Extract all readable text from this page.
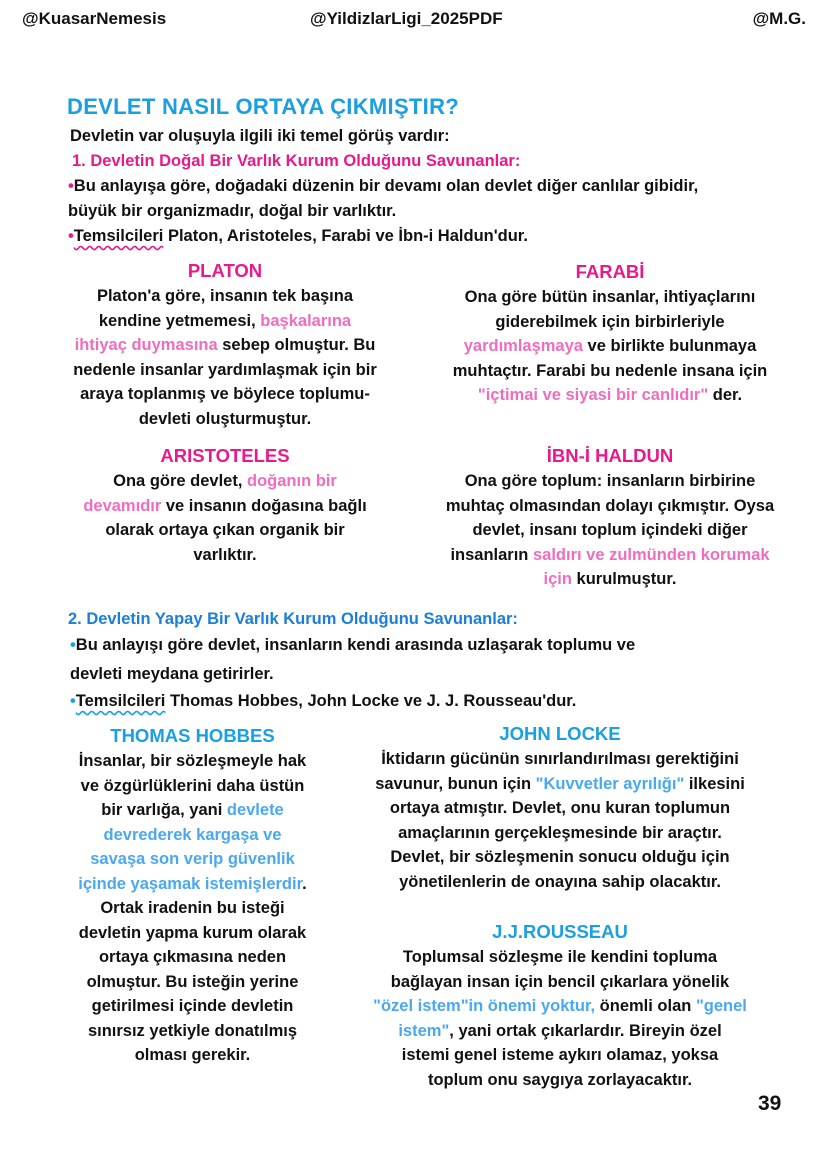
@KuasarNemesis	@YildizlarLigi_2025PDF	@M.G.
DEVLET NASIL ORTAYA ÇIKMIŞTIR?
Devletin var oluşuyla ilgili iki temel görüş vardır:
1. Devletin Doğal Bir Varlık Kurum Olduğunu Savunanlar:
•Bu anlayışa göre, doğadaki düzenin bir devamı olan devlet diğer canlılar gibidir,
büyük bir organizmadır, doğal bir varlıktır.
•Temsilcileri Platon, Aristoteles, Farabi ve İbn-i Haldun'dur.
2. Devletin Yapay Bir Varlık Kurum Olduğunu Savunanlar:
•Bu anlayışı göre devlet, insanların kendi arasında uzlaşarak toplumu ve
devleti meydana getirirler.
•Temsilcileri Thomas Hobbes, John Locke ve J. J. Rousseau'dur.
PLATON
Platon'a göre, insanın tek başına
kendine yetmemesi, başkalarına
ihtiyaç duymasına sebep olmuştur. Bu
nedenle insanlar yardımlaşmak için bir
araya toplanmış ve böylece toplumu-
devleti oluşturmuştur.
FARABİ
Ona göre bütün insanlar, ihtiyaçlarını
giderebilmek için birbirleriyle
yardımlaşmaya ve birlikte bulunmaya
muhtaçtır. Farabi bu nedenle insana için
"içtimai ve siyasi bir canlıdır" der.
ARISTOTELES
Ona göre devlet, doğanın bir
devamıdır ve insanın doğasına bağlı
olarak ortaya çıkan organik bir
varlıktır.
İBN-İ HALDUN
Ona göre toplum: insanların birbirine
muhtaç olmasından dolayı çıkmıştır. Oysa
devlet, insanı toplum içindeki diğer
insanların saldırı ve zulmünden korumak
için kurulmuştur.
THOMAS HOBBES
İnsanlar, bir sözleşmeyle hak
ve özgürlüklerini daha üstün
bir varlığa, yani devlete
devrederek kargaşa ve
savaşa son verip güvenlik
içinde yaşamak istemişlerdir.
Ortak iradenin bu isteği
devletin yapma kurum olarak
ortaya çıkmasına neden
olmuştur. Bu isteğin yerine
getirilmesi içinde devletin
sınırsız yetkiyle donatılmış
olması gerekir.
JOHN LOCKE
İktidarın gücünün sınırlandırılması gerektiğini
savunur, bunun için "Kuvvetler ayrılığı" ilkesini
ortaya atmıştır. Devlet, onu kuran toplumun
amaçlarının gerçekleşmesinde bir araçtır.
Devlet, bir sözleşmenin sonucu olduğu için
yönetilenlerin de onayına sahip olacaktır.
J.J.ROUSSEAU
Toplumsal sözleşme ile kendini topluma
bağlayan insan için bencil çıkarlara yönelik
"özel istem"in önemi yoktur, önemli olan "genel
istem", yani ortak çıkarlardır. Bireyin özel
istemi genel isteme aykırı olamaz, yoksa
toplum onu saygıya zorlayacaktır.
39
